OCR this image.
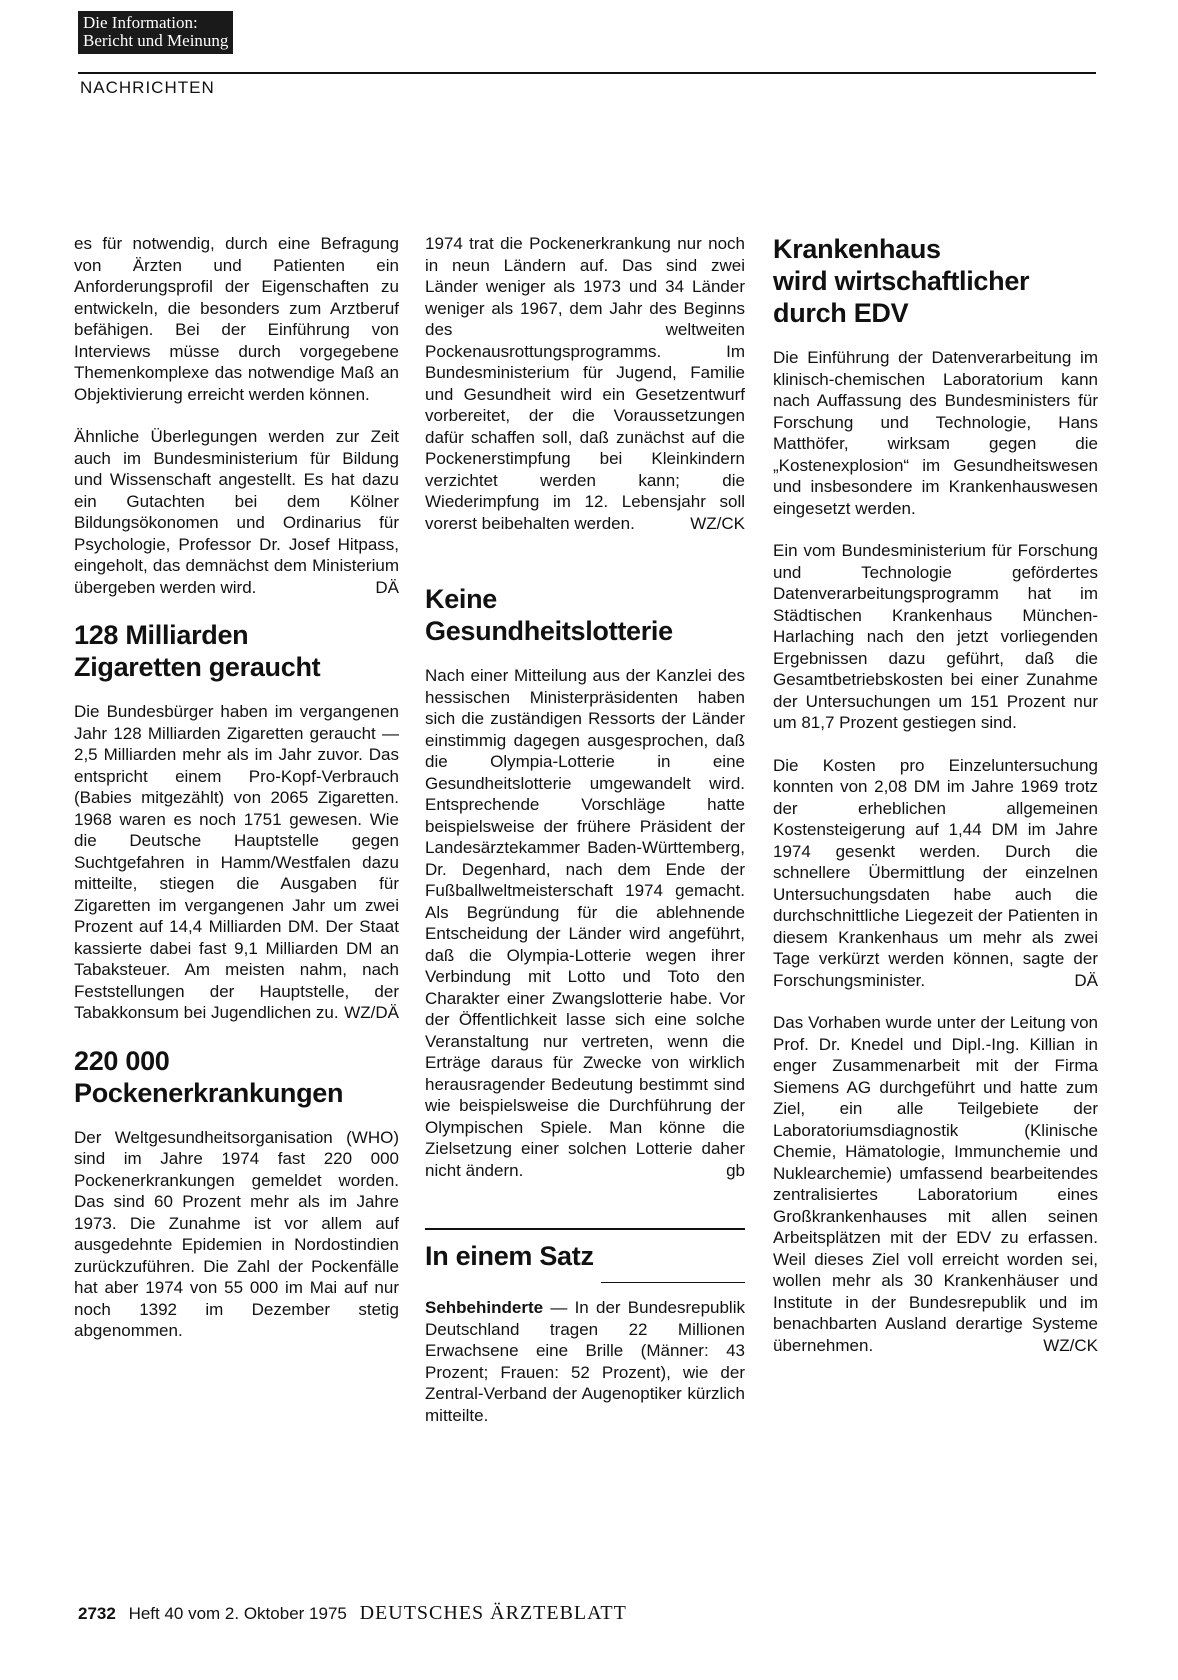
Die Information:
Bericht und Meinung
NACHRICHTEN

es für notwendig, durch eine Befragung von Ärzten und Patienten ein Anforderungsprofil der Eigenschaften zu entwickeln, die besonders zum Arztberuf befähigen. Bei der Einführung von Interviews müsse durch vorgegebene Themenkomplexe das notwendige Maß an Objektivierung erreicht werden können.

Ähnliche Überlegungen werden zur Zeit auch im Bundesministerium für Bildung und Wissenschaft angestellt. Es hat dazu ein Gutachten bei dem Kölner Bildungsökonomen und Ordinarius für Psychologie, Professor Dr. Josef Hitpass, eingeholt, das demnächst dem Ministerium übergeben werden wird.	DÄ

128 Milliarden
Zigaretten geraucht

Die Bundesbürger haben im vergangenen Jahr 128 Milliarden Zigaretten geraucht — 2,5 Milliarden mehr als im Jahr zuvor. Das entspricht einem Pro-Kopf-Verbrauch (Babies mitgezählt) von 2065 Zigaretten. 1968 waren es noch 1751 gewesen. Wie die Deutsche Hauptstelle gegen Suchtgefahren in Hamm/Westfalen dazu mitteilte, stiegen die Ausgaben für Zigaretten im vergangenen Jahr um zwei Prozent auf 14,4 Milliarden DM. Der Staat kassierte dabei fast 9,1 Milliarden DM an Tabaksteuer. Am meisten nahm, nach Feststellungen der Hauptstelle, der Tabakkonsum bei Jugendlichen zu. WZ/DÄ

220 000
Pockenerkrankungen

Der Weltgesundheitsorganisation (WHO) sind im Jahre 1974 fast 220 000 Pockenerkrankungen gemeldet worden. Das sind 60 Prozent mehr als im Jahre 1973. Die Zunahme ist vor allem auf ausgedehnte Epidemien in Nordostindien zurückzuführen. Die Zahl der Pockenfälle hat aber 1974 von 55 000 im Mai auf nur noch 1392 im Dezember stetig abgenommen.

1974 trat die Pockenerkrankung nur noch in neun Ländern auf. Das sind zwei Länder weniger als 1973 und 34 Länder weniger als 1967, dem Jahr des Beginns des weltweiten Pockenausrottungsprogramms. Im Bundesministerium für Jugend, Familie und Gesundheit wird ein Gesetzentwurf vorbereitet, der die Voraussetzungen dafür schaffen soll, daß zunächst auf die Pockenerstimpfung bei Kleinkindern verzichtet werden kann; die Wiederimpfung im 12. Lebensjahr soll vorerst beibehalten werden.	WZ/CK

Keine
Gesundheitslotterie

Nach einer Mitteilung aus der Kanzlei des hessischen Ministerpräsidenten haben sich die zuständigen Ressorts der Länder einstimmig dagegen ausgesprochen, daß die Olympia-Lotterie in eine Gesundheitslotterie umgewandelt wird. Entsprechende Vorschläge hatte beispielsweise der frühere Präsident der Landesärztekammer Baden-Württemberg, Dr. Degenhard, nach dem Ende der Fußballweltmeisterschaft 1974 gemacht. Als Begründung für die ablehnende Entscheidung der Länder wird angeführt, daß die Olympia-Lotterie wegen ihrer Verbindung mit Lotto und Toto den Charakter einer Zwangslotterie habe. Vor der Öffentlichkeit lasse sich eine solche Veranstaltung nur vertreten, wenn die Erträge daraus für Zwecke von wirklich herausragender Bedeutung bestimmt sind wie beispielsweise die Durchführung der Olympischen Spiele. Man könne die Zielsetzung einer solchen Lotterie daher nicht ändern.	gb

In einem Satz

Sehbehinderte — In der Bundesrepublik Deutschland tragen 22 Millionen Erwachsene eine Brille (Männer: 43 Prozent; Frauen: 52 Prozent), wie der Zentral-Verband der Augenoptiker kürzlich mitteilte.

Krankenhaus
wird wirtschaftlicher
durch EDV

Die Einführung der Datenverarbeitung im klinisch-chemischen Laboratorium kann nach Auffassung des Bundesministers für Forschung und Technologie, Hans Matthöfer, wirksam gegen die „Kostenexplosion“ im Gesundheitswesen und insbesondere im Krankenhauswesen eingesetzt werden.

Ein vom Bundesministerium für Forschung und Technologie gefördertes Datenverarbeitungsprogramm hat im Städtischen Krankenhaus München-Harlaching nach den jetzt vorliegenden Ergebnissen dazu geführt, daß die Gesamtbetriebskosten bei einer Zunahme der Untersuchungen um 151 Prozent nur um 81,7 Prozent gestiegen sind.

Die Kosten pro Einzeluntersuchung konnten von 2,08 DM im Jahre 1969 trotz der erheblichen allgemeinen Kostensteigerung auf 1,44 DM im Jahre 1974 gesenkt werden. Durch die schnellere Übermittlung der einzelnen Untersuchungsdaten habe auch die durchschnittliche Liegezeit der Patienten in diesem Krankenhaus um mehr als zwei Tage verkürzt werden können, sagte der Forschungsminister.	DÄ

Das Vorhaben wurde unter der Leitung von Prof. Dr. Knedel und Dipl.-Ing. Killian in enger Zusammenarbeit mit der Firma Siemens AG durchgeführt und hatte zum Ziel, ein alle Teilgebiete der Laboratoriumsdiagnostik (Klinische Chemie, Hämatologie, Immunchemie und Nuklearchemie) umfassend bearbeitendes zentralisiertes Laboratorium eines Großkrankenhauses mit allen seinen Arbeitsplätzen mit der EDV zu erfassen. Weil dieses Ziel voll erreicht worden sei, wollen mehr als 30 Krankenhäuser und Institute in der Bundesrepublik und im benachbarten Ausland derartige Systeme übernehmen.	WZ/CK

2732 Heft 40 vom 2. Oktober 1975 DEUTSCHES ÄRZTEBLATT
